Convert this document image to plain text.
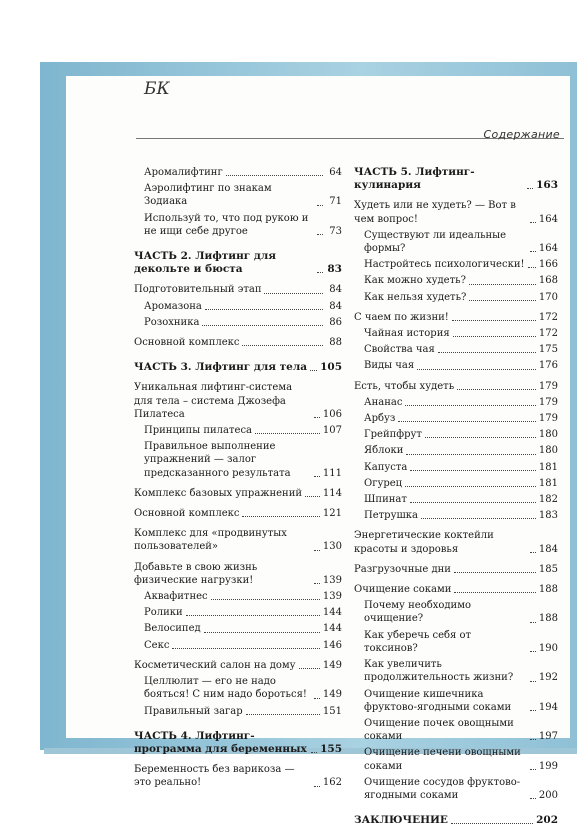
БК
Содержание
Аромалифтинг	64
Аэролифтинг по знакам Зодиака	71
Используй то, что под рукою и не ищи себе другое	73
ЧАСТЬ 2. Лифтинг для декольте и бюста	83
Подготовительный этап	84
Аромазона	84
Розохника	86
Основной комплекс	88
ЧАСТЬ 3. Лифтинг для тела 105
Уникальная лифтинг-система для тела – система Джозефа Пилатеса	106
Принципы пилатеса	107
Правильное выполнение упражнений — залог предсказанного результата	111
Комплекс базовых упражнений 114
Основной комплекс	121
Комплекс для «продвинутых пользователей»	130
Добавьте в свою жизнь физические нагрузки!	139
Аквафитнес	139
Ролики	144
Велосипед	144
Секс	146
Косметический салон на дому	149
Целлюлит — его не надо бояться! С ним надо бороться!	149
Правильный загар	151
ЧАСТЬ 4. Лифтинг-программа для беременных 155
Беременность без варикоза — это реально!	162
ЧАСТЬ 5. Лифтинг-кулинария	163
Худеть или не худеть? — Вот в чем вопрос!	164
Существуют ли идеальные формы?	164
Настройтесь психологически! 166
Как можно худеть?	168
Как нельзя худеть?	170
С чаем по жизни!	172
Чайная история	172
Свойства чая	175
Виды чая	176
Есть, чтобы худеть	179
Ананас	179
Арбуз	179
Грейпфрут	180
Яблоки	180
Капуста	181
Огурец	181
Шпинат	182
Петрушка	183
Энергетические коктейли красоты и здоровья	184
Разгрузочные дни	185
Очищение соками	188
Почему необходимо очищение?	188
Как уберечь себя от токсинов?	190
Как увеличить продолжительность жизни?	192
Очищение кишечника фруктово-ягодными соками	194
Очищение почек овощными соками	197
Очищение печени овощными соками	199
Очищение сосудов фруктово-ягодными соками	200
ЗАКЛЮЧЕНИЕ	202
